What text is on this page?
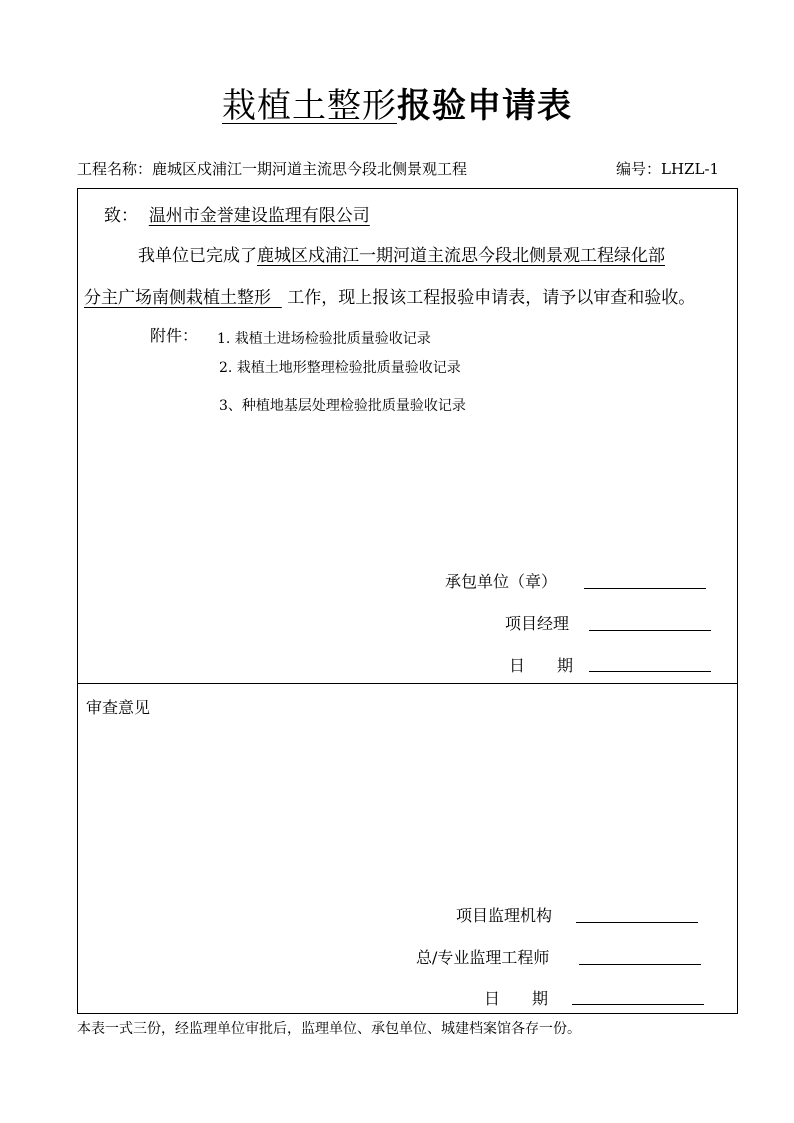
栽植土整形报验申请表
工程名称：鹿城区戍浦江一期河道主流思今段北侧景观工程	编号：LHZL-1
致： 温州市金誉建设监理有限公司
我单位已完成了鹿城区戍浦江一期河道主流思今段北侧景观工程绿化部
分主广场南侧栽植土整形 工作，现上报该工程报验申请表，请予以审查和验收。
附件： 1. 栽植土进场检验批质量验收记录
2. 栽植土地形整理检验批质量验收记录
3、种植地基层处理检验批质量验收记录
承包单位（章）
项目经理
日　　期
审查意见
项目监理机构
总/专业监理工程师
日　　期
本表一式三份，经监理单位审批后，监理单位、承包单位、城建档案馆各存一份。
